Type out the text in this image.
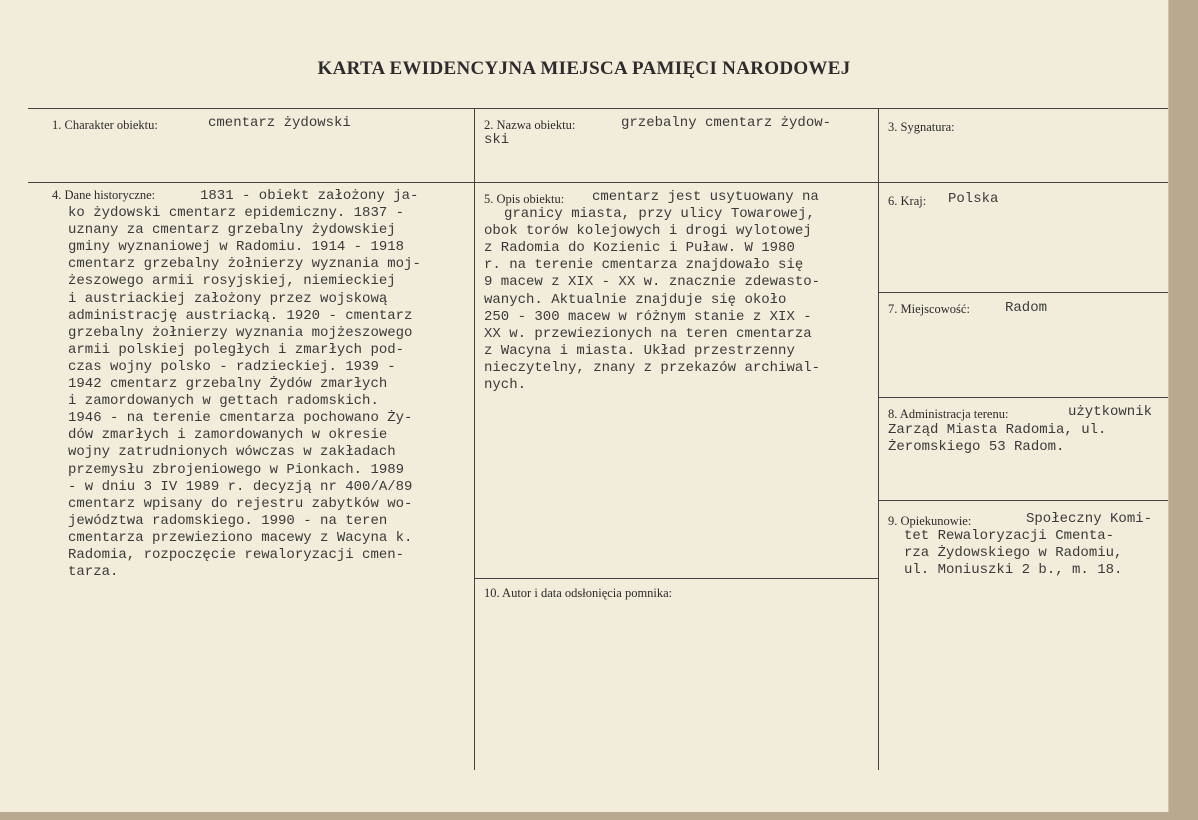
KARTA EWIDENCYJNA MIEJSCA PAMIĘCI NARODOWEJ
1. Charakter obiektu:	cmentarz żydowski	2. Nazwa obiektu:	grzebalny cmentarz żydow-
ski
3. Sygnatura:
4. Dane historyczne:	1831 - obiekt założony ja-
ko żydowski cmentarz epidemiczny. 1837 -
uznany za cmentarz grzebalny żydowskiej
gminy wyznaniowej w Radomiu. 1914 - 1918
cmentarz grzebalny żołnierzy wyznania moj-
żeszowego armii rosyjskiej, niemieckiej
i austriackiej założony przez wojskową
administrację austriacką. 1920 - cmentarz
grzebalny żołnierzy wyznania mojżeszowego
armii polskiej poległych i zmarłych pod-
czas wojny polsko - radzieckiej. 1939 -
1942 cmentarz grzebalny Żydów zmarłych
i zamordowanych w gettach radomskich.
1946 - na terenie cmentarza pochowano Ży-
dów zmarłych i zamordowanych w okresie
wojny zatrudnionych wówczas w zakładach
przemysłu zbrojeniowego w Pionkach. 1989
- w dniu 3 IV 1989 r. decyzją nr 400/A/89
cmentarz wpisany do rejestru zabytków wo-
jewództwa radomskiego. 1990 - na teren
cmentarza przewieziono macewy z Wacyna k.
Radomia, rozpoczęcie rewaloryzacji cmen-
tarza.
5. Opis obiektu: cmentarz jest usytuowany na
granicy miasta, przy ulicy Towarowej,
obok torów kolejowych i drogi wylotowej
z Radomia do Kozienic i Puław. W 1980
r. na terenie cmentarza znajdowało się
9 macew z XIX - XX w. znacznie zdewasto-
wanych. Aktualnie znajduje się około
250 - 300 macew w różnym stanie z XIX -
XX w. przewiezionych na teren cmentarza
z Wacyna i miasta. Układ przestrzenny
nieczytelny, znany z przekazów archiwal-
nych.
6. Kraj: Polska
7. Miejscowość:	Radom
8. Administracja terenu:	użytkownik
Zarząd Miasta Radomia, ul.
Żeromskiego 53 Radom.
9. Opiekunowie:	Społeczny Komi-
tet Rewaloryzacji Cmenta-
rza Żydowskiego w Radomiu,
ul. Moniuszki 2 b., m. 18.
10. Autor i data odsłonięcia pomnika:
